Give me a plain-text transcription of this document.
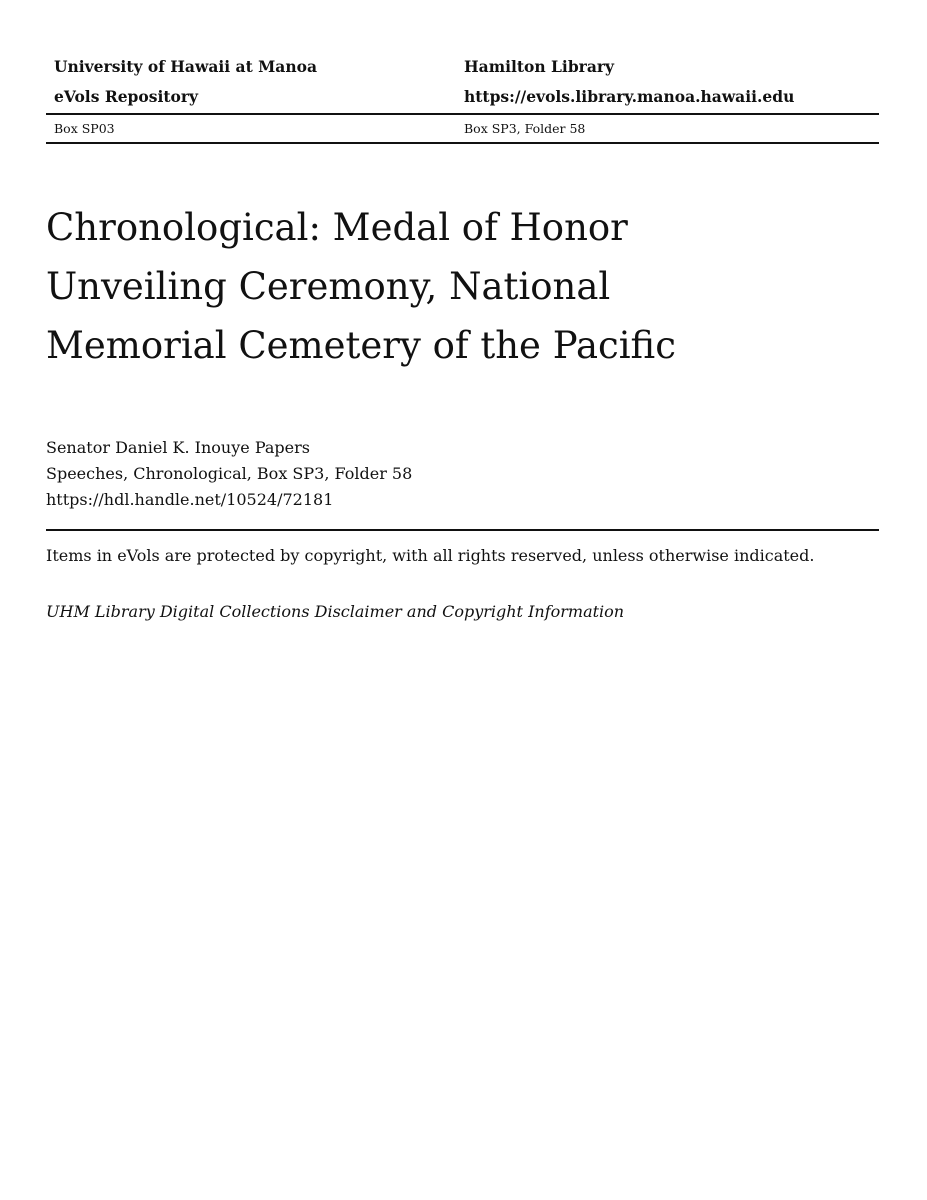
University of Hawaii at Manoa	Hamilton Library
eVols Repository	https://evols.library.manoa.hawaii.edu
Box SP03	Box SP3, Folder 58
Chronological: Medal of Honor Unveiling Ceremony, National Memorial Cemetery of the Pacific
Senator Daniel K. Inouye Papers
Speeches, Chronological, Box SP3, Folder 58
https://hdl.handle.net/10524/72181
Items in eVols are protected by copyright, with all rights reserved, unless otherwise indicated.
UHM Library Digital Collections Disclaimer and Copyright Information
